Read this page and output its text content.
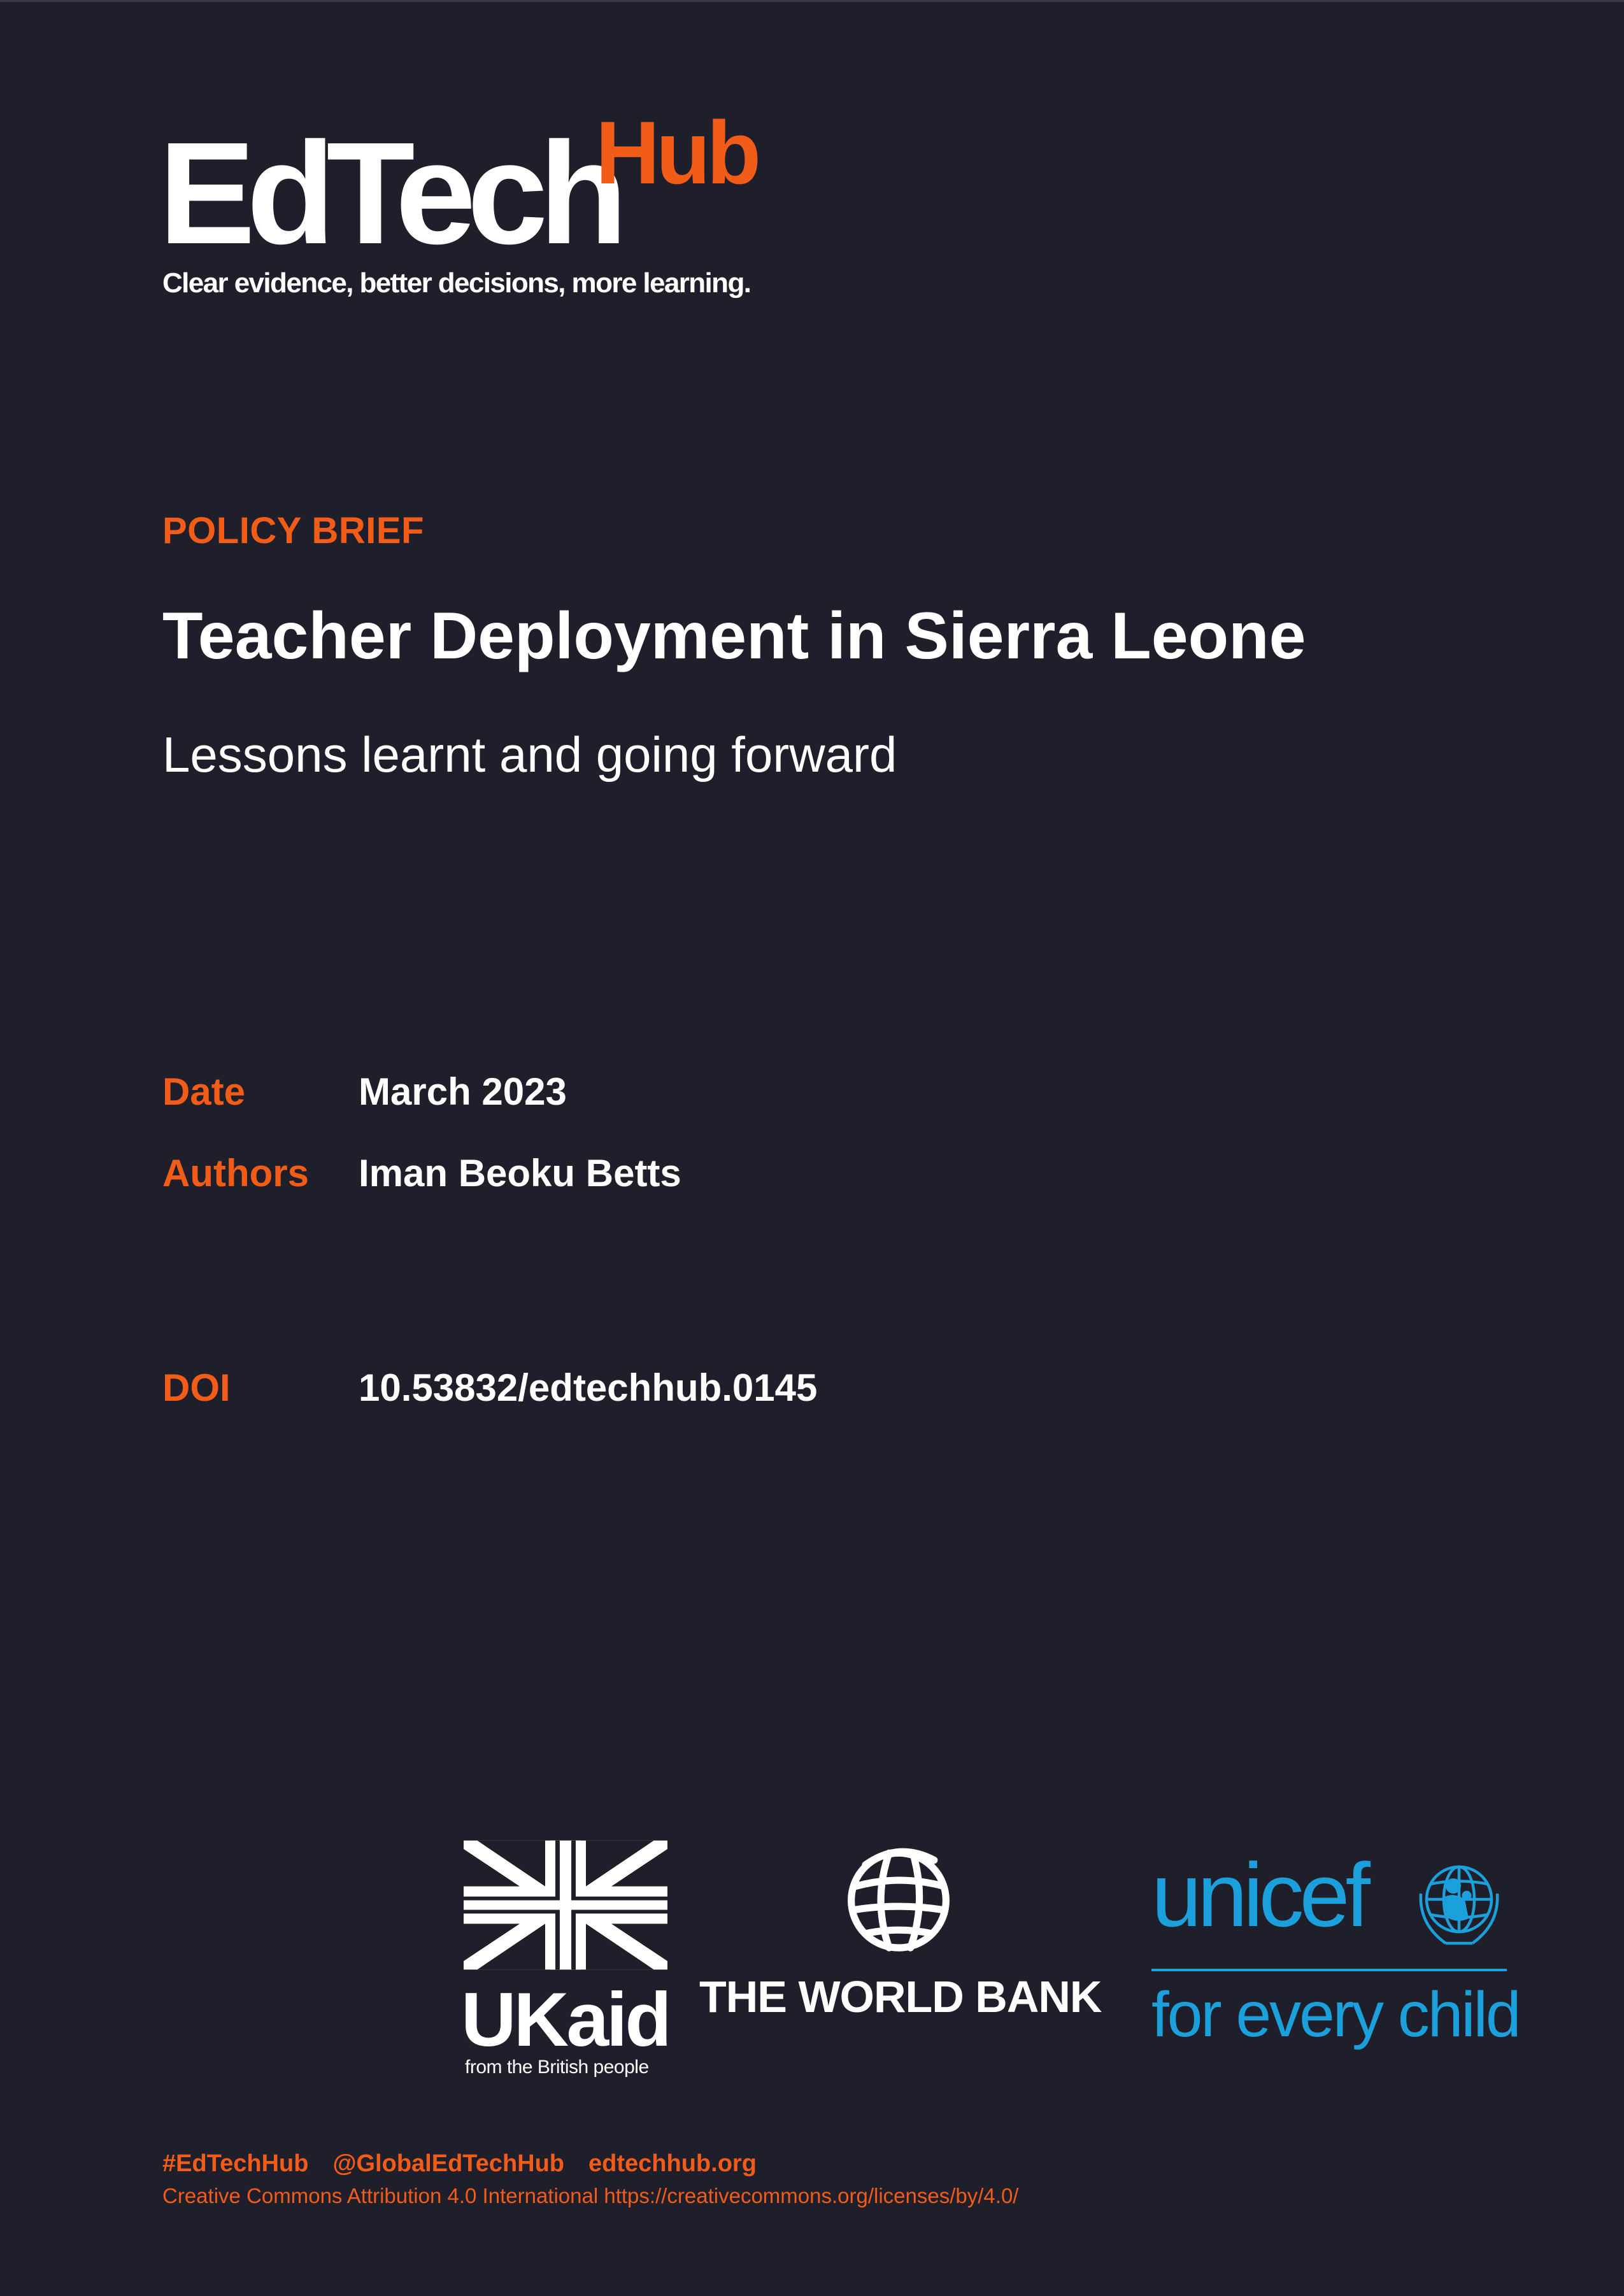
EdTech
Hub
Clear evidence, better decisions, more learning.
POLICY BRIEF
Teacher Deployment in Sierra Leone
Lessons learnt and going forward
Date	March 2023
Authors Iman Beoku Betts
DOI	10.53832/edtechhub.0145
UKaid
from the British people
THE WORLD BANK
unicef
for every child
#EdTechHub @GlobalEdTechHub edtechhub.org
Creative Commons Attribution 4.0 International https://creativecommons.org/licenses/by/4.0/
